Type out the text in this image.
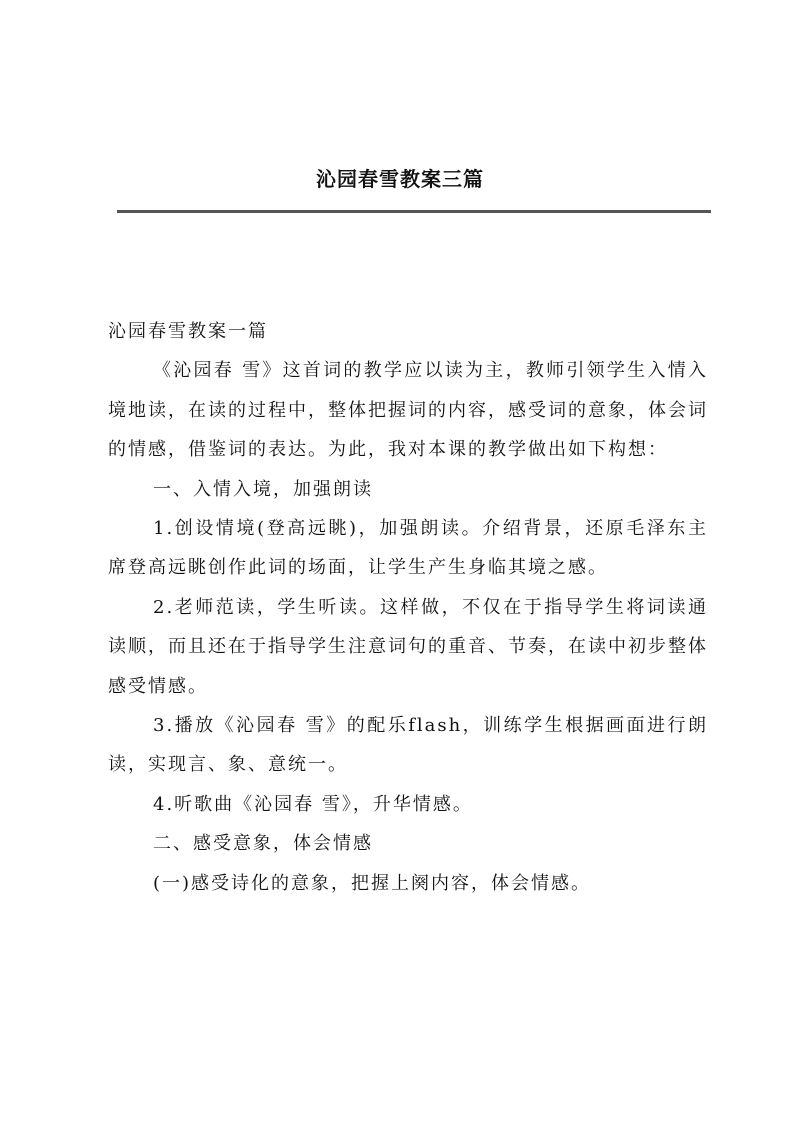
沁园春雪教案三篇

沁园春雪教案一篇

《沁园春 雪》这首词的教学应以读为主，教师引领学生入情入境地读，在读的过程中，整体把握词的内容，感受词的意象，体会词的情感，借鉴词的表达。为此，我对本课的教学做出如下构想：

一、入情入境，加强朗读

1.创设情境(登高远眺)，加强朗读。介绍背景，还原毛泽东主席登高远眺创作此词的场面，让学生产生身临其境之感。

2.老师范读，学生听读。这样做，不仅在于指导学生将词读通读顺，而且还在于指导学生注意词句的重音、节奏，在读中初步整体感受情感。

3.播放《沁园春 雪》的配乐flash，训练学生根据画面进行朗读，实现言、象、意统一。

4.听歌曲《沁园春 雪》，升华情感。

二、感受意象，体会情感

(一)感受诗化的意象，把握上阕内容，体会情感。
